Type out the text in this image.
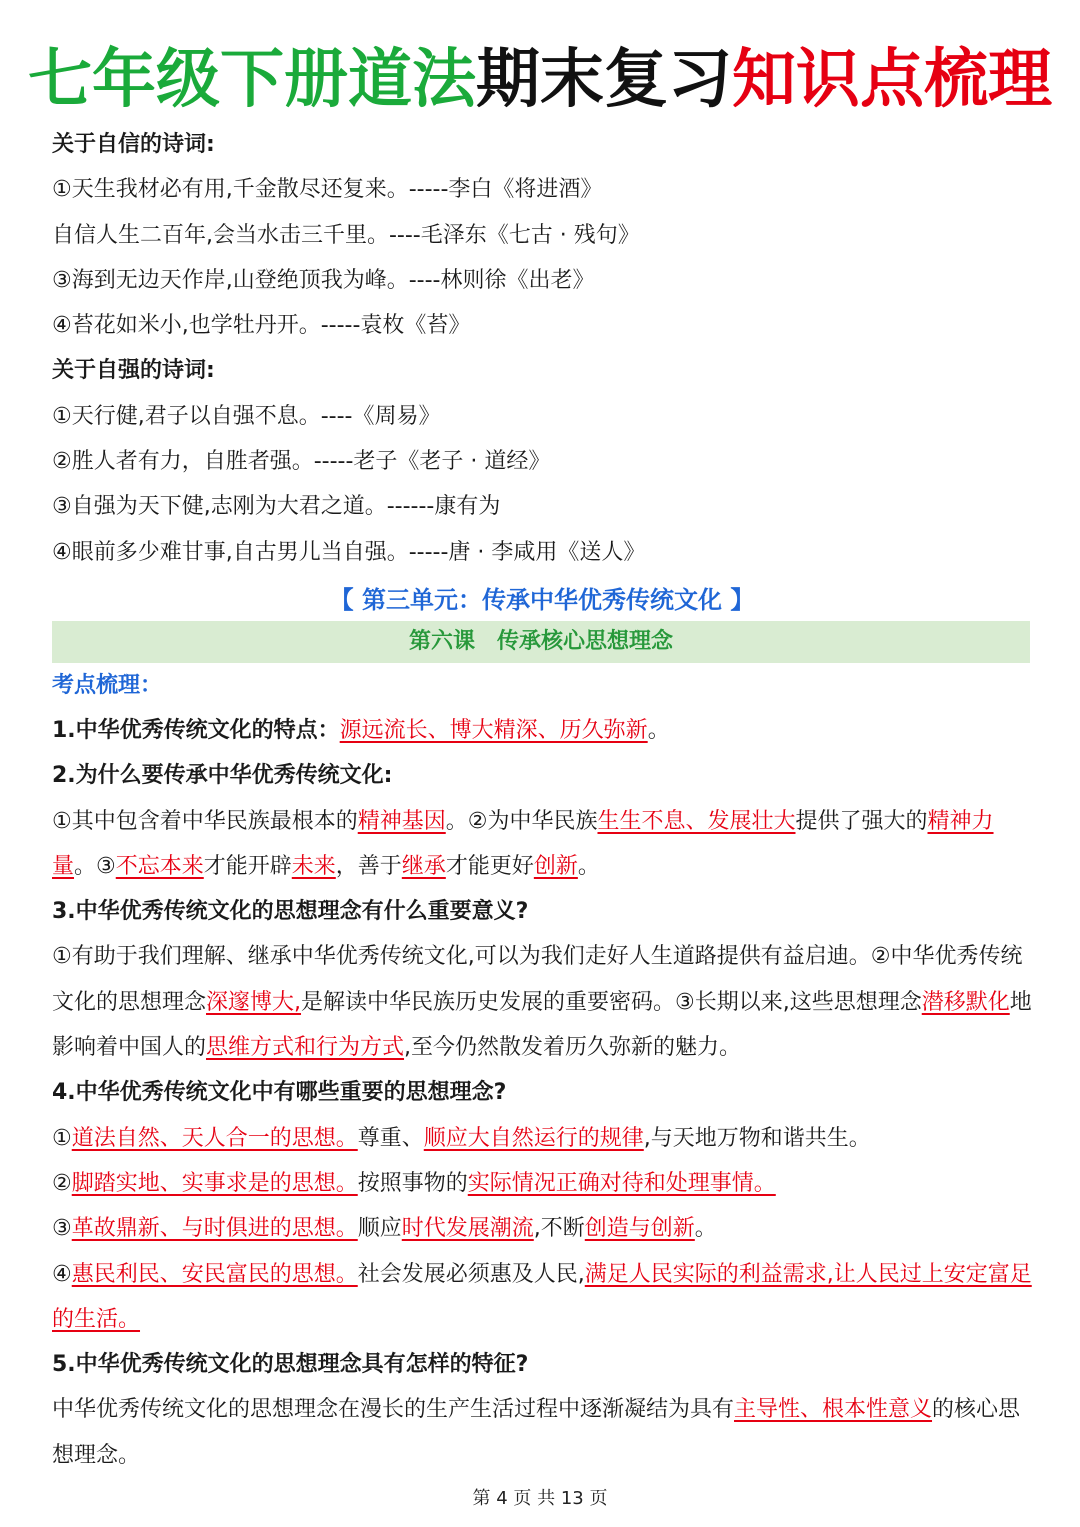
七年级下册道法期末复习知识点梳理
关于自信的诗词:
①天生我材必有用,千金散尽还复来。-----李白《将进酒》
自信人生二百年,会当水击三千里。----毛泽东《七古 · 残句》
③海到无边天作岸,山登绝顶我为峰。----林则徐《出老》
④苔花如米小,也学牡丹开。-----袁枚《苔》
关于自强的诗词:
①天行健,君子以自强不息。----《周易》
②胜人者有力，自胜者强。-----老子《老子 · 道经》
③自强为天下健,志刚为大君之道。------康有为
④眼前多少难甘事,自古男儿当自强。-----唐 · 李咸用《送人》
【 第三单元：传承中华优秀传统文化 】
第六课　传承核心思想理念
考点梳理：
1.中华优秀传统文化的特点：源远流长、博大精深、历久弥新。
2.为什么要传承中华优秀传统文化:
①其中包含着中华民族最根本的精神基因。②为中华民族生生不息、发展壮大提供了强大的精神力量。③不忘本来才能开辟未来，善于继承才能更好创新。
3.中华优秀传统文化的思想理念有什么重要意义?
①有助于我们理解、继承中华优秀传统文化,可以为我们走好人生道路提供有益启迪。②中华优秀传统文化的思想理念深邃博大,是解读中华民族历史发展的重要密码。③长期以来,这些思想理念潜移默化地影响着中国人的思维方式和行为方式,至今仍然散发着历久弥新的魅力。
4.中华优秀传统文化中有哪些重要的思想理念?
①道法自然、天人合一的思想。尊重、顺应大自然运行的规律,与天地万物和谐共生。
②脚踏实地、实事求是的思想。按照事物的实际情况正确对待和处理事情。
③革故鼎新、与时俱进的思想。顺应时代发展潮流,不断创造与创新。
④惠民利民、安民富民的思想。社会发展必须惠及人民,满足人民实际的利益需求,让人民过上安定富足的生活。
5.中华优秀传统文化的思想理念具有怎样的特征?
中华优秀传统文化的思想理念在漫长的生产生活过程中逐渐凝结为具有主导性、根本性意义的核心思想理念。
第 4 页 共 13 页
